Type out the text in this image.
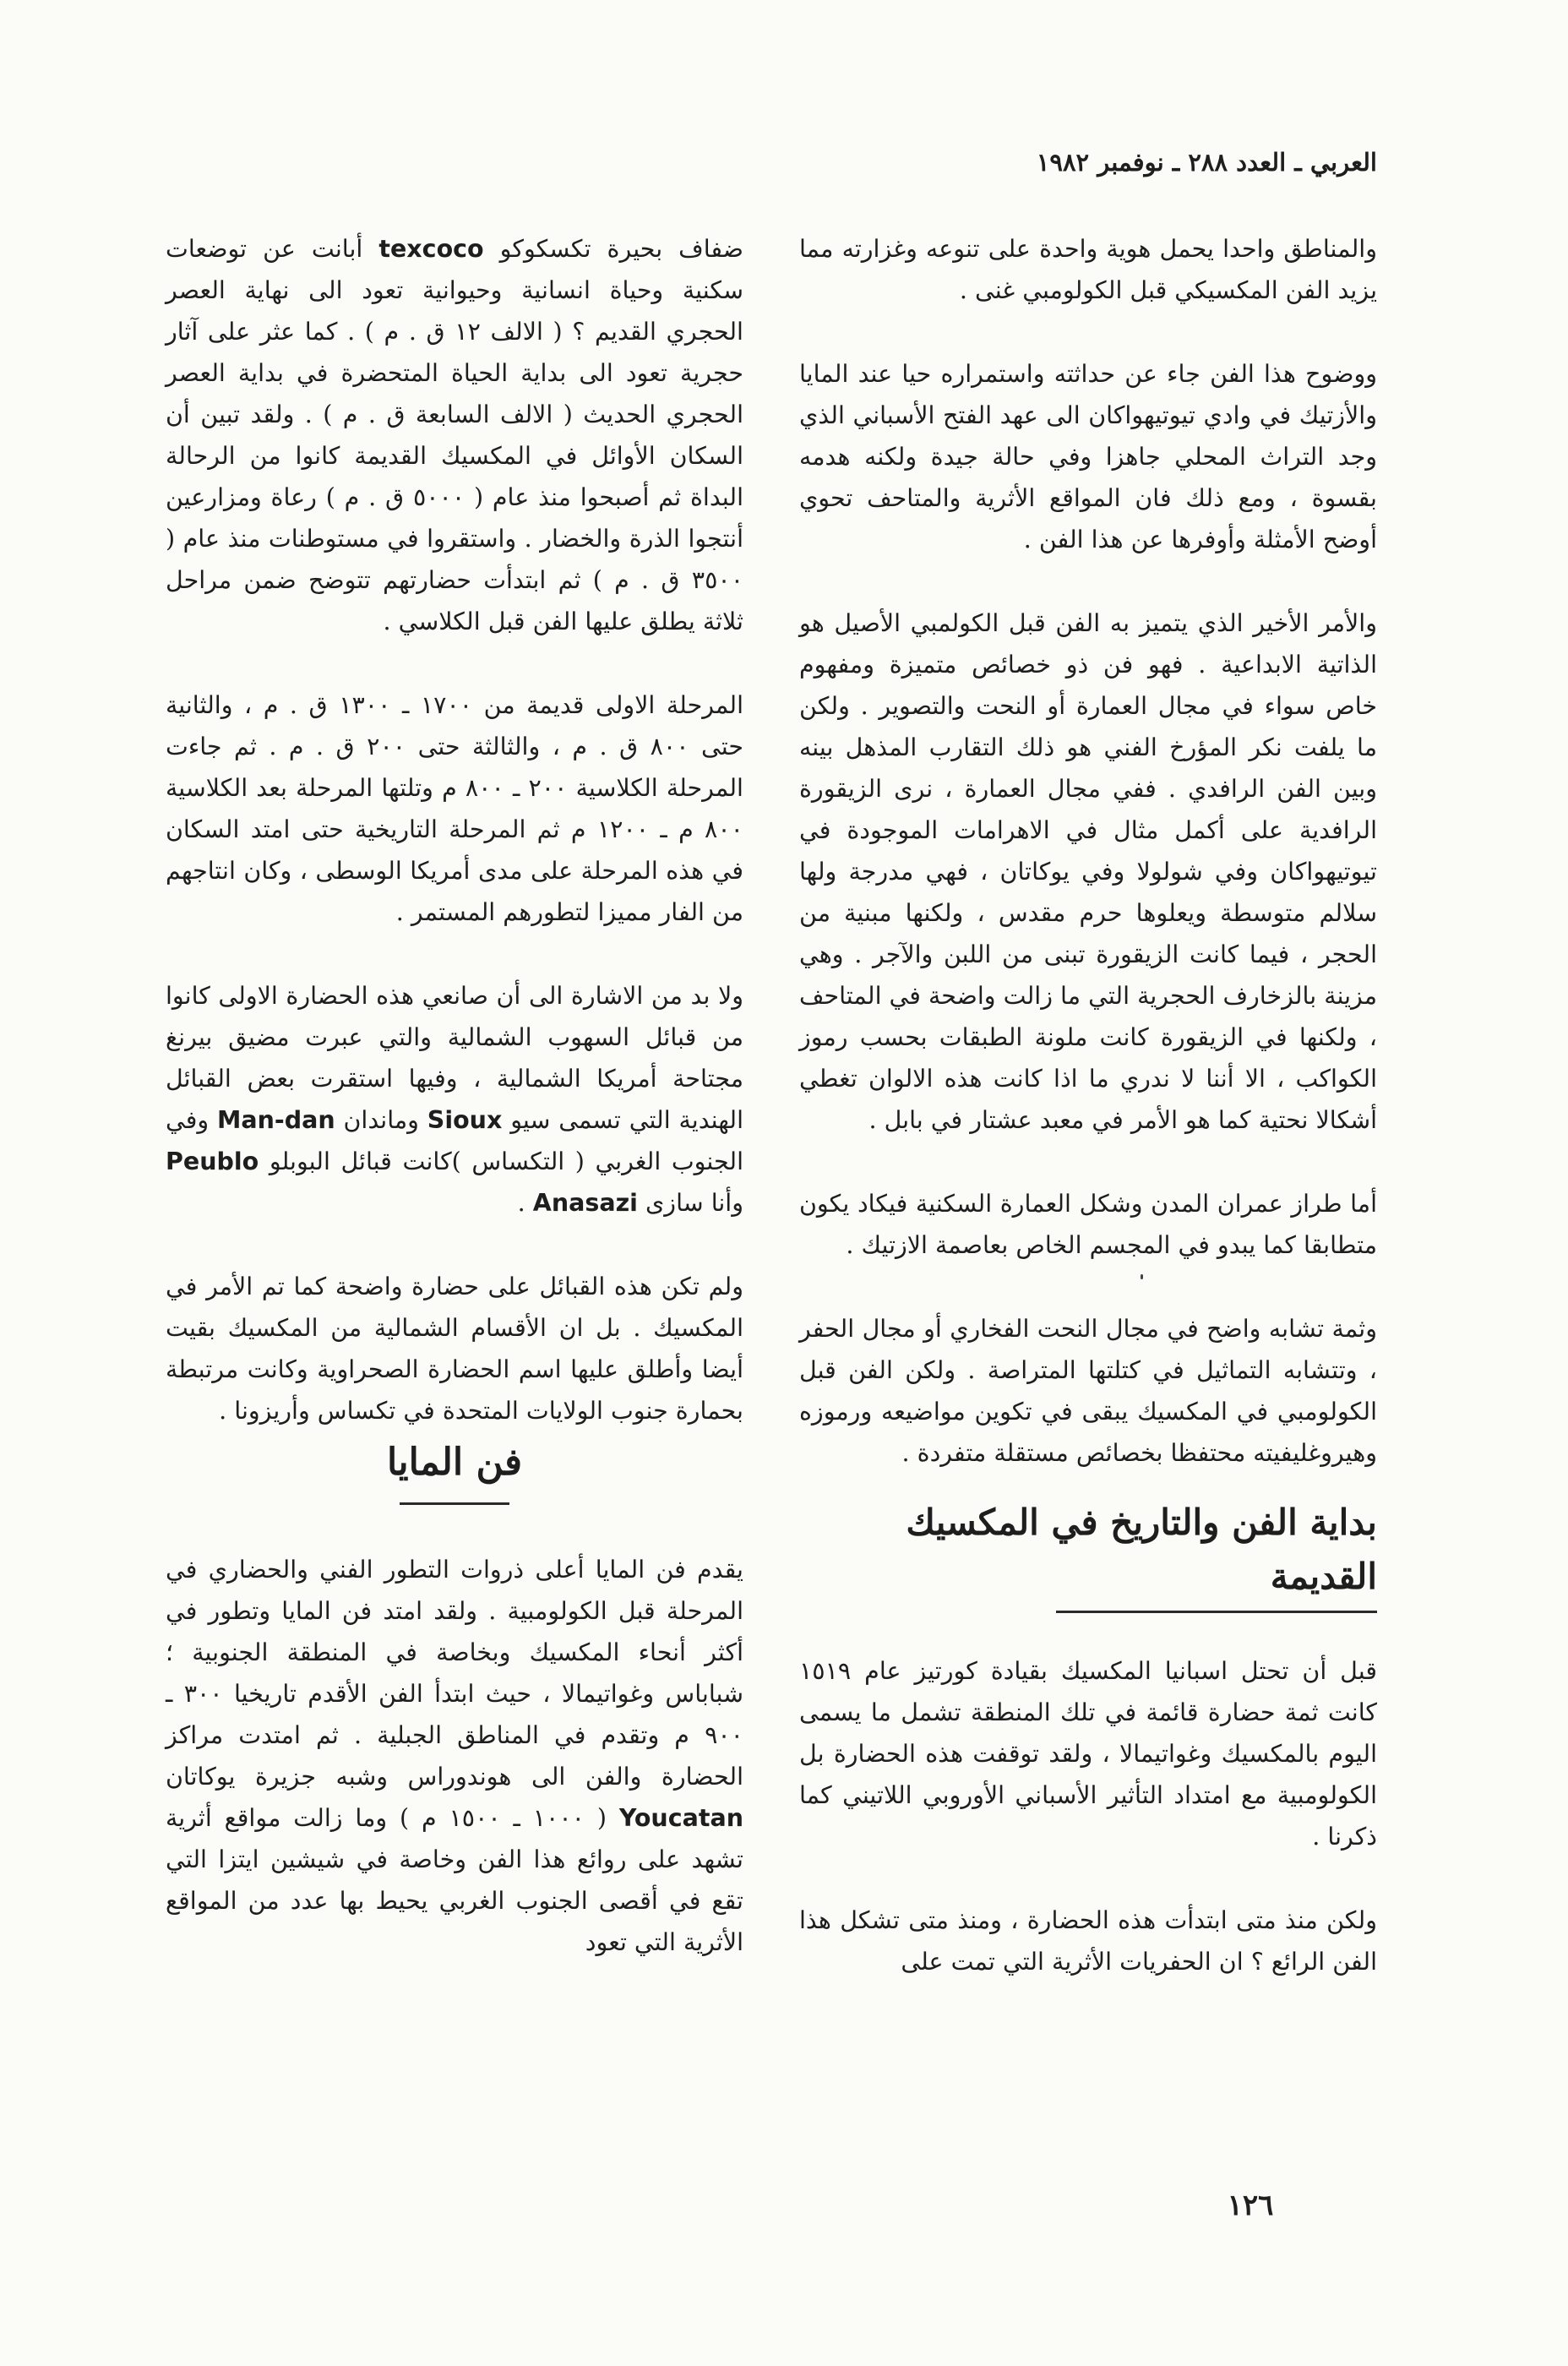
العربي ـ العدد ٢٨٨ ـ نوفمبر ١٩٨٢

والمناطق واحدا يحمل هوية واحدة على تنوعه وغزارته مما يزيد الفن المكسيكي قبل الكولومبي غنى .

ووضوح هذا الفن جاء عن حداثته واستمراره حيا عند المايا والأزتيك في وادي تيوتيهواكان الى عهد الفتح الأسباني الذي وجد التراث المحلي جاهزا وفي حالة جيدة ولكنه هدمه بقسوة ، ومع ذلك فان المواقع الأثرية والمتاحف تحوي أوضح الأمثلة وأوفرها عن هذا الفن .

والأمر الأخير الذي يتميز به الفن قبل الكولمبي الأصيل هو الذاتية الابداعية . فهو فن ذو خصائص متميزة ومفهوم خاص سواء في مجال العمارة أو النحت والتصوير . ولكن ما يلفت نكر المؤرخ الفني هو ذلك التقارب المذهل بينه وبين الفن الرافدي . ففي مجال العمارة ، نرى الزيقورة الرافدية على أكمل مثال في الاهرامات الموجودة في تيوتيهواكان وفي شولولا وفي يوكاتان ، فهي مدرجة ولها سلالم متوسطة ويعلوها حرم مقدس ، ولكنها مبنية من الحجر ، فيما كانت الزيقورة تبنى من اللبن والآجر . وهي مزينة بالزخارف الحجرية التي ما زالت واضحة في المتاحف ، ولكنها في الزيقورة كانت ملونة الطبقات بحسب رموز الكواكب ، الا أننا لا ندري ما اذا كانت هذه الالوان تغطي أشكالا نحتية كما هو الأمر في معبد عشتار في بابل .

أما طراز عمران المدن وشكل العمارة السكنية فيكاد يكون متطابقا كما يبدو في المجسم الخاص بعاصمة الازتيك .

وثمة تشابه واضح في مجال النحت الفخاري أو مجال الحفر ، وتتشابه التماثيل في كتلتها المتراصة . ولكن الفن قبل الكولومبي في المكسيك يبقى في تكوين مواضيعه ورموزه وهيروغليفيته محتفظا بخصائص مستقلة متفردة .

بداية الفن والتاريخ في المكسيك القديمة

قبل أن تحتل اسبانيا المكسيك بقيادة كورتيز عام ١٥١٩ كانت ثمة حضارة قائمة في تلك المنطقة تشمل ما يسمى اليوم بالمكسيك وغواتيمالا ، ولقد توقفت هذه الحضارة بل الكولومبية مع امتداد التأثير الأسباني الأوروبي اللاتيني كما ذكرنا .

ولكن منذ متى ابتدأت هذه الحضارة ، ومنذ متى تشكل هذا الفن الرائع ؟ ان الحفريات الأثرية التي تمت على

ضفاف بحيرة تكسكوكو texcoco أبانت عن توضعات سكنية وحياة انسانية وحيوانية تعود الى نهاية العصر الحجري القديم ؟ ( الالف ١٢ ق . م ) . كما عثر على آثار حجرية تعود الى بداية الحياة المتحضرة في بداية العصر الحجري الحديث ( الالف السابعة ق . م ) . ولقد تبين أن السكان الأوائل في المكسيك القديمة كانوا من الرحالة البداة ثم أصبحوا منذ عام ( ٥٠٠٠ ق . م ) رعاة ومزارعين أنتجوا الذرة والخضار . واستقروا في مستوطنات منذ عام ( ٣٥٠٠ ق . م ) ثم ابتدأت حضارتهم تتوضح ضمن مراحل ثلاثة يطلق عليها الفن قبل الكلاسي .

المرحلة الاولى قديمة من ١٧٠٠ ـ ١٣٠٠ ق . م ، والثانية حتى ٨٠٠ ق . م ، والثالثة حتى ٢٠٠ ق . م . ثم جاءت المرحلة الكلاسية ٢٠٠ ـ ٨٠٠ م وتلتها المرحلة بعد الكلاسية ٨٠٠ م ـ ١٢٠٠ م ثم المرحلة التاريخية حتى امتد السكان في هذه المرحلة على مدى أمريكا الوسطى ، وكان انتاجهم من الفار مميزا لتطورهم المستمر .

ولا بد من الاشارة الى أن صانعي هذه الحضارة الاولى كانوا من قبائل السهوب الشمالية والتي عبرت مضيق بيرنغ مجتاحة أمريكا الشمالية ، وفيها استقرت بعض القبائل الهندية التي تسمى سيو Sioux وماندان Man-dan وفي الجنوب الغربي ( التكساس )كانت قبائل البوبلو Peublo وأنا سازى Anasazi .

ولم تكن هذه القبائل على حضارة واضحة كما تم الأمر في المكسيك . بل ان الأقسام الشمالية من المكسيك بقيت أيضا وأطلق عليها اسم الحضارة الصحراوية وكانت مرتبطة بحمارة جنوب الولايات المتحدة في تكساس وأريزونا .

فن المايا

يقدم فن المايا أعلى ذروات التطور الفني والحضاري في المرحلة قبل الكولومبية . ولقد امتد فن المايا وتطور في أكثر أنحاء المكسيك وبخاصة في المنطقة الجنوبية ؛ شباباس وغواتيمالا ، حيث ابتدأ الفن الأقدم تاريخيا ٣٠٠ ـ ٩٠٠ م وتقدم في المناطق الجبلية . ثم امتدت مراكز الحضارة والفن الى هوندوراس وشبه جزيرة يوكاتان Youcatan ( ١٠٠٠ ـ ١٥٠٠ م ) وما زالت مواقع أثرية تشهد على روائع هذا الفن وخاصة في شيشين ايتزا التي تقع في أقصى الجنوب الغربي يحيط بها عدد من المواقع الأثرية التي تعود

١٢٦
